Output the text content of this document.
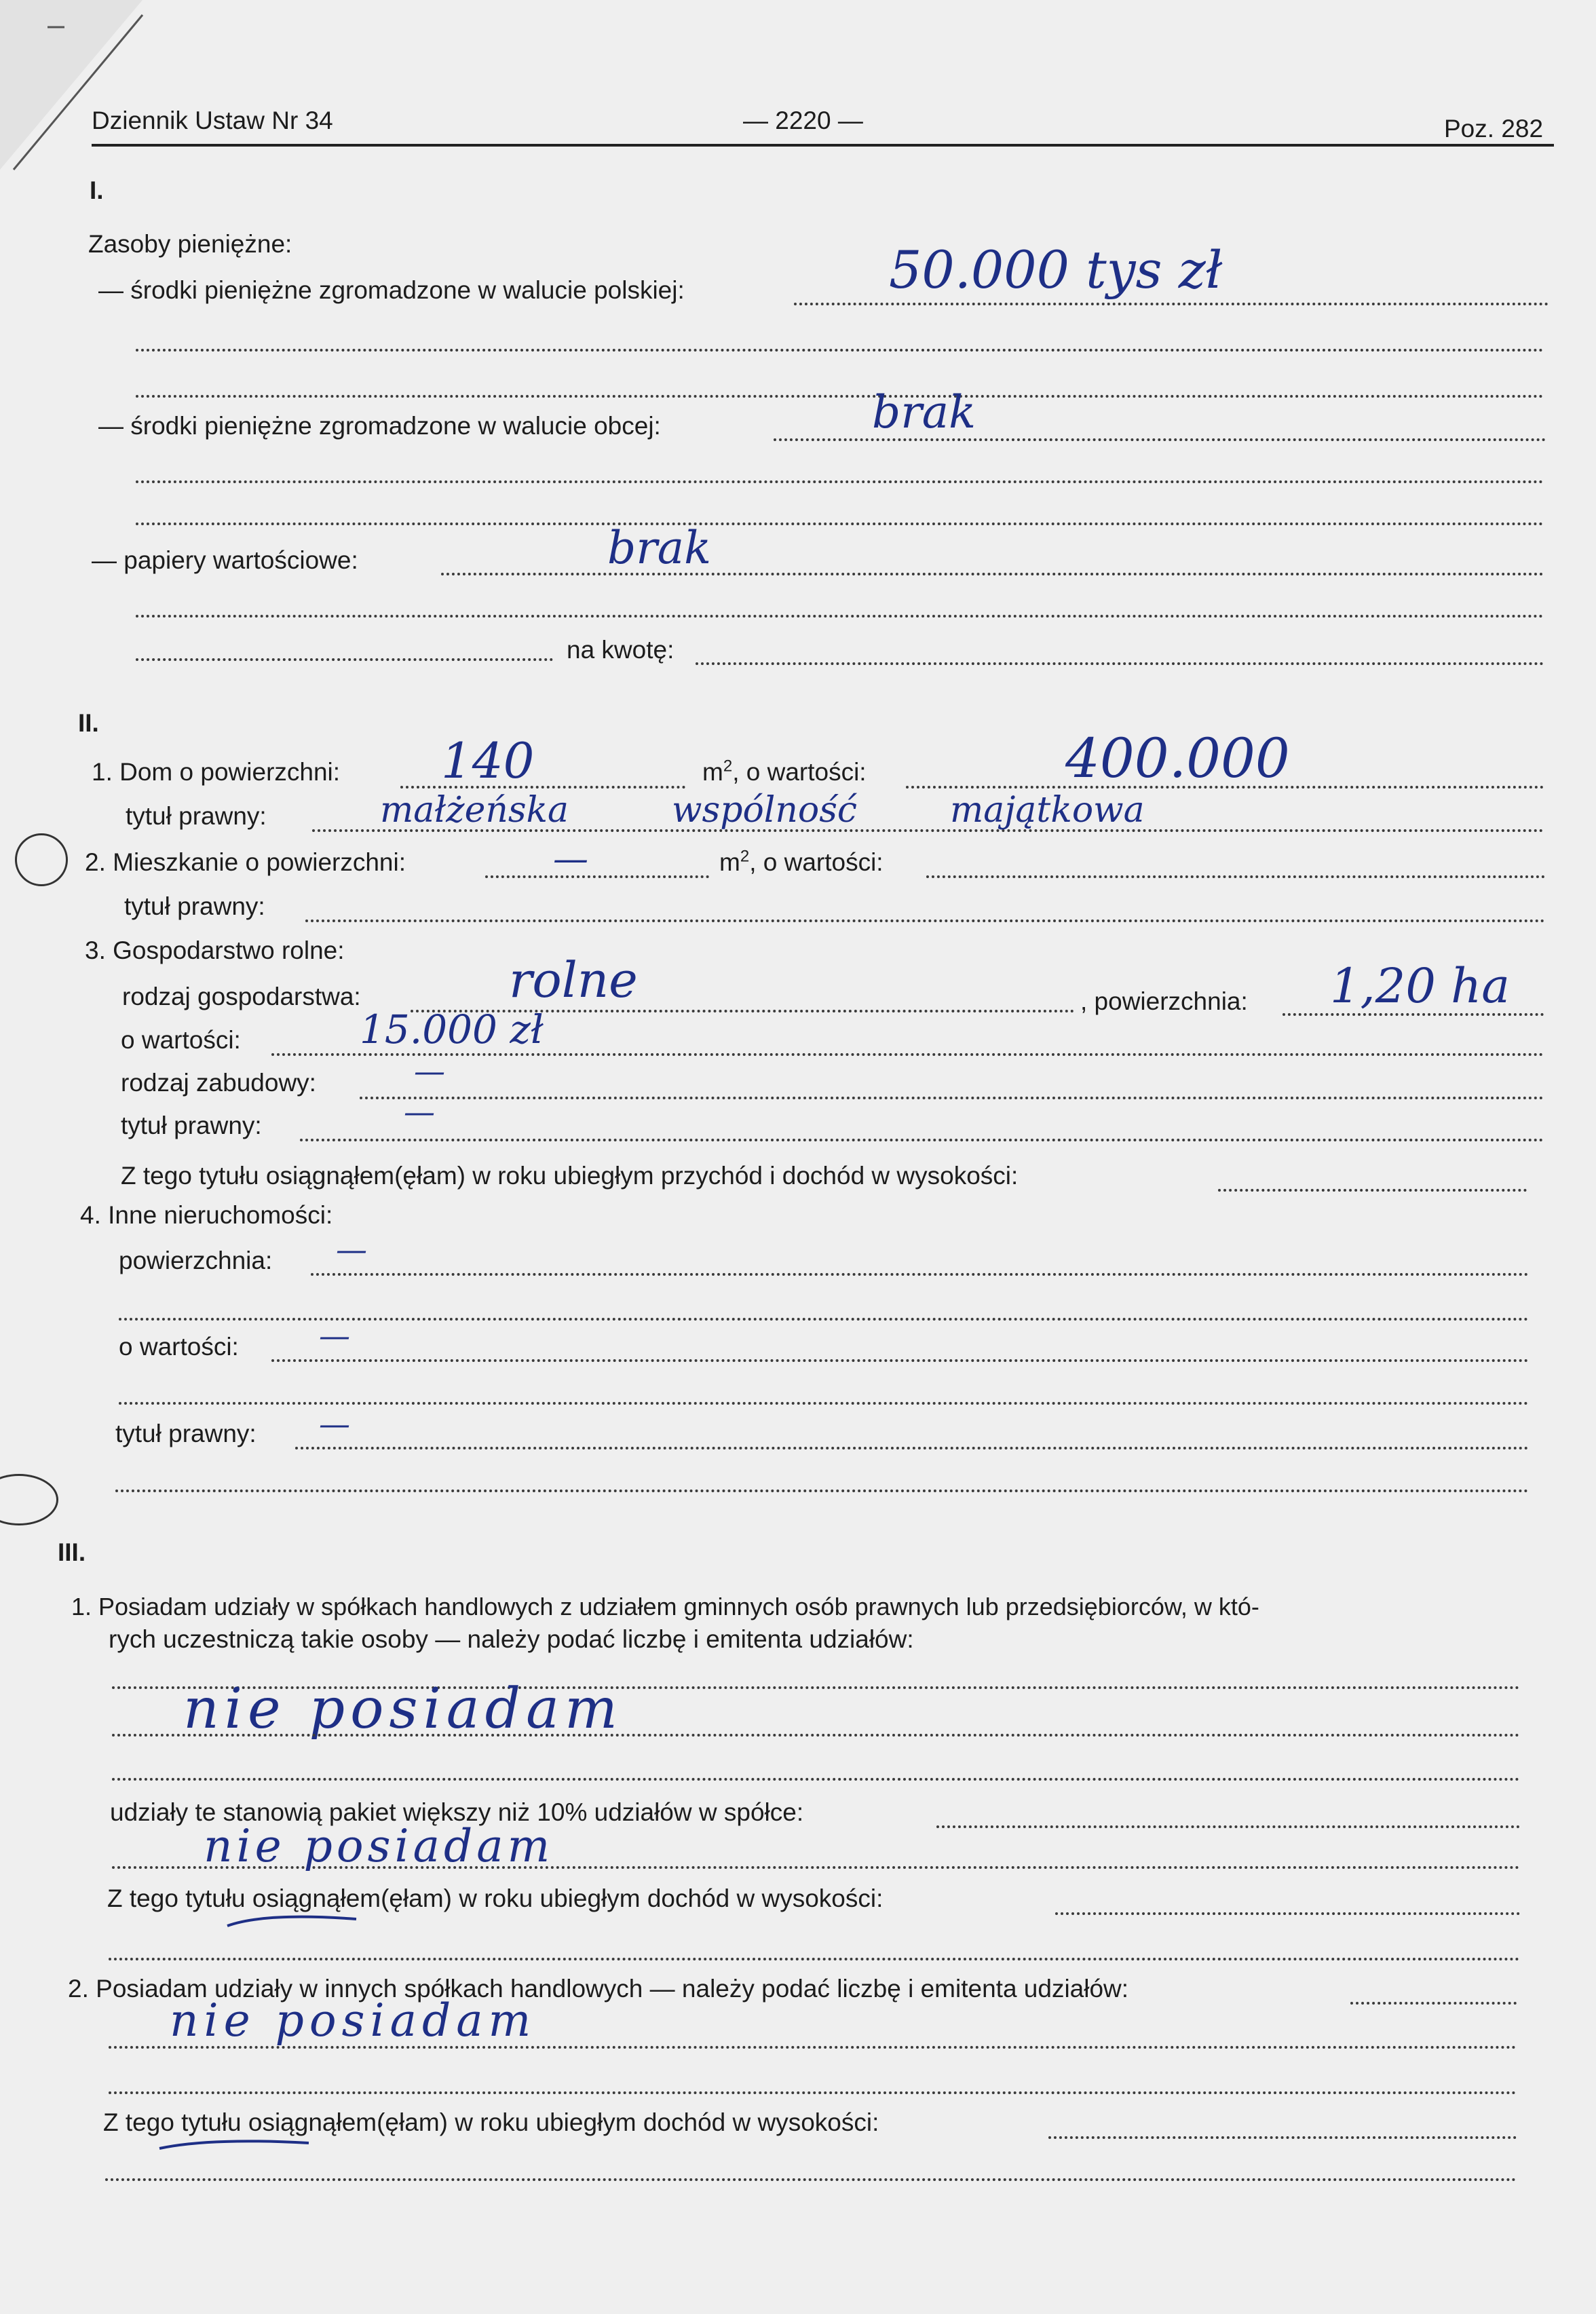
Dziennik Ustaw Nr 34	— 2220 —	Poz. 282
I.
Zasoby pieniężne:
— środki pieniężne zgromadzone w walucie polskiej:	50.000 tys zł
— środki pieniężne zgromadzone w walucie obcej:	brak
— papiery wartościowe:	brak
na kwotę:
II.
1. Dom o powierzchni: 140	$m^2$, o wartości:	400.000
tytuł prawny:	małżeńska	wspólność	majątkowa
2. Mieszkanie o powierzchni:	—	$m^2$, o wartości:
tytuł prawny:
3. Gospodarstwo rolne:
rodzaj gospodarstwa:	rolne	, powierzchnia: 1,20 ha
o wartości:	15.000 zł
rodzaj zabudowy:	—
tytuł prawny:	—
Z tego tytułu osiągnąłem(ęłam) w roku ubiegłym przychód i dochód w wysokości:
4. Inne nieruchomości:
powierzchnia: —
o wartości:	—
tytuł prawny: —
III.
1. Posiadam udziały w spółkach handlowych z udziałem gminnych osób prawnych lub przedsiębiorców, w któ-
rych uczestniczą takie osoby — należy podać liczbę i emitenta udziałów:
nie posiadam
udziały te stanowią pakiet większy niż 10% udziałów w spółce:
nie posiadam
Z tego tytułu osiągnąłem(ęłam) w roku ubiegłym dochód w wysokości:
2. Posiadam udziały w innych spółkach handlowych — należy podać liczbę i emitenta udziałów:
nie posiadam
Z tego tytułu osiągnąłem(ęłam) w roku ubiegłym dochód w wysokości:
